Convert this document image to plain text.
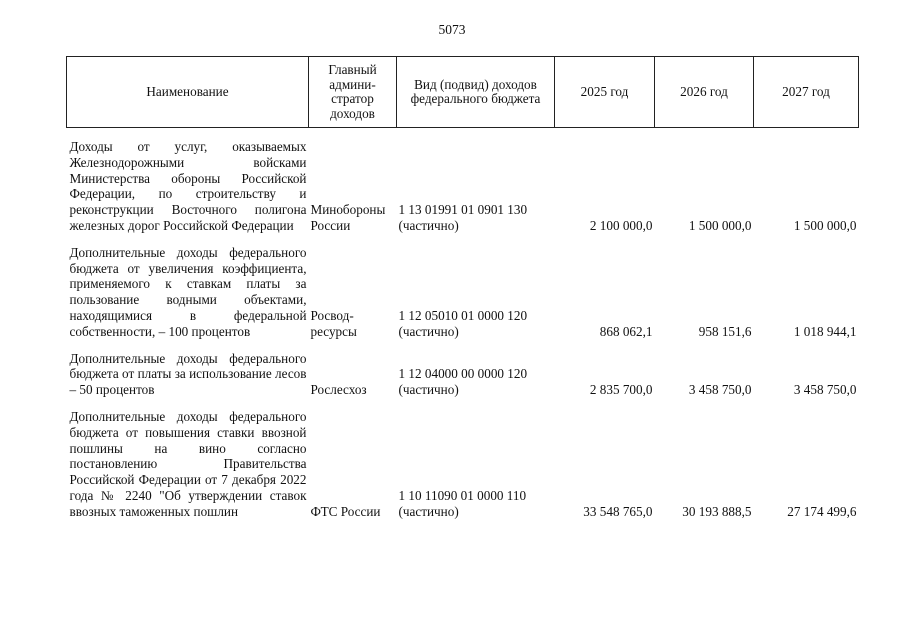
5073
Наименование	Главный админи-стратор доходов	Вид (подвид) доходов федерального бюджета	2025 год	2026 год	2027 год

Доходы от услуг, оказываемых Железнодорожными войсками Министерства обороны Российской Федерации, по строительству и реконструкции Восточного полигона железных дорог Российской Федерации	Минобороны России	1 13 01991 01 0901 130
(частично)	2 100 000,0	1 500 000,0	1 500 000,0

Дополнительные доходы федерального бюджета от увеличения коэффициента, применяемого к ставкам платы за пользование водными объектами, находящимися в федеральной собственности, – 100 процентов	Росвод-ресурсы	1 12 05010 01 0000 120
(частично)	868 062,1	958 151,6	1 018 944,1

Дополнительные доходы федерального бюджета от платы за использование лесов – 50 процентов	Рослесхоз	1 12 04000 00 0000 120
(частично)	2 835 700,0	3 458 750,0	3 458 750,0

Дополнительные доходы федерального бюджета от повышения ставки ввозной пошлины на вино согласно постановлению Правительства Российской Федерации от 7 декабря 2022 года № 2240 "Об утверждении ставок ввозных таможенных пошлин	ФТС России	1 10 11090 01 0000 110
(частично)	33 548 765,0	30 193 888,5	27 174 499,6
